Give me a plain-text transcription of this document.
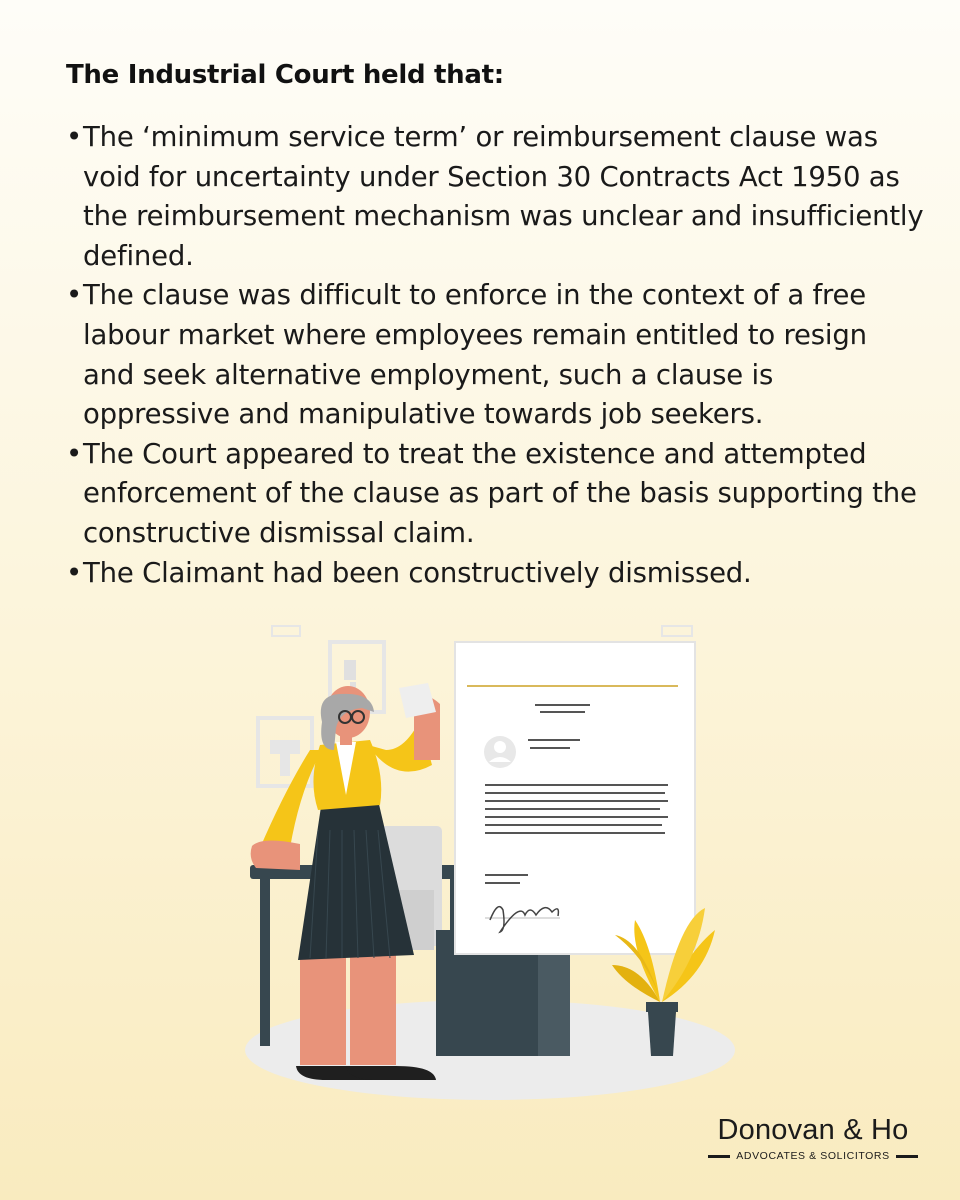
The Industrial Court held that:
• The ‘minimum service term’ or reimbursement clause was void for uncertainty under Section 30 Contracts Act 1950 as the reimbursement mechanism was unclear and insufficiently defined.
• The clause was difficult to enforce in the context of a free labour market where employees remain entitled to resign and seek alternative employment, such a clause is oppressive and manipulative towards job seekers.
• The Court appeared to treat the existence and attempted enforcement of the clause as part of the basis supporting the constructive dismissal claim.
• The Claimant had been constructively dismissed.
Donovan & Ho
ADVOCATES & SOLICITORS
